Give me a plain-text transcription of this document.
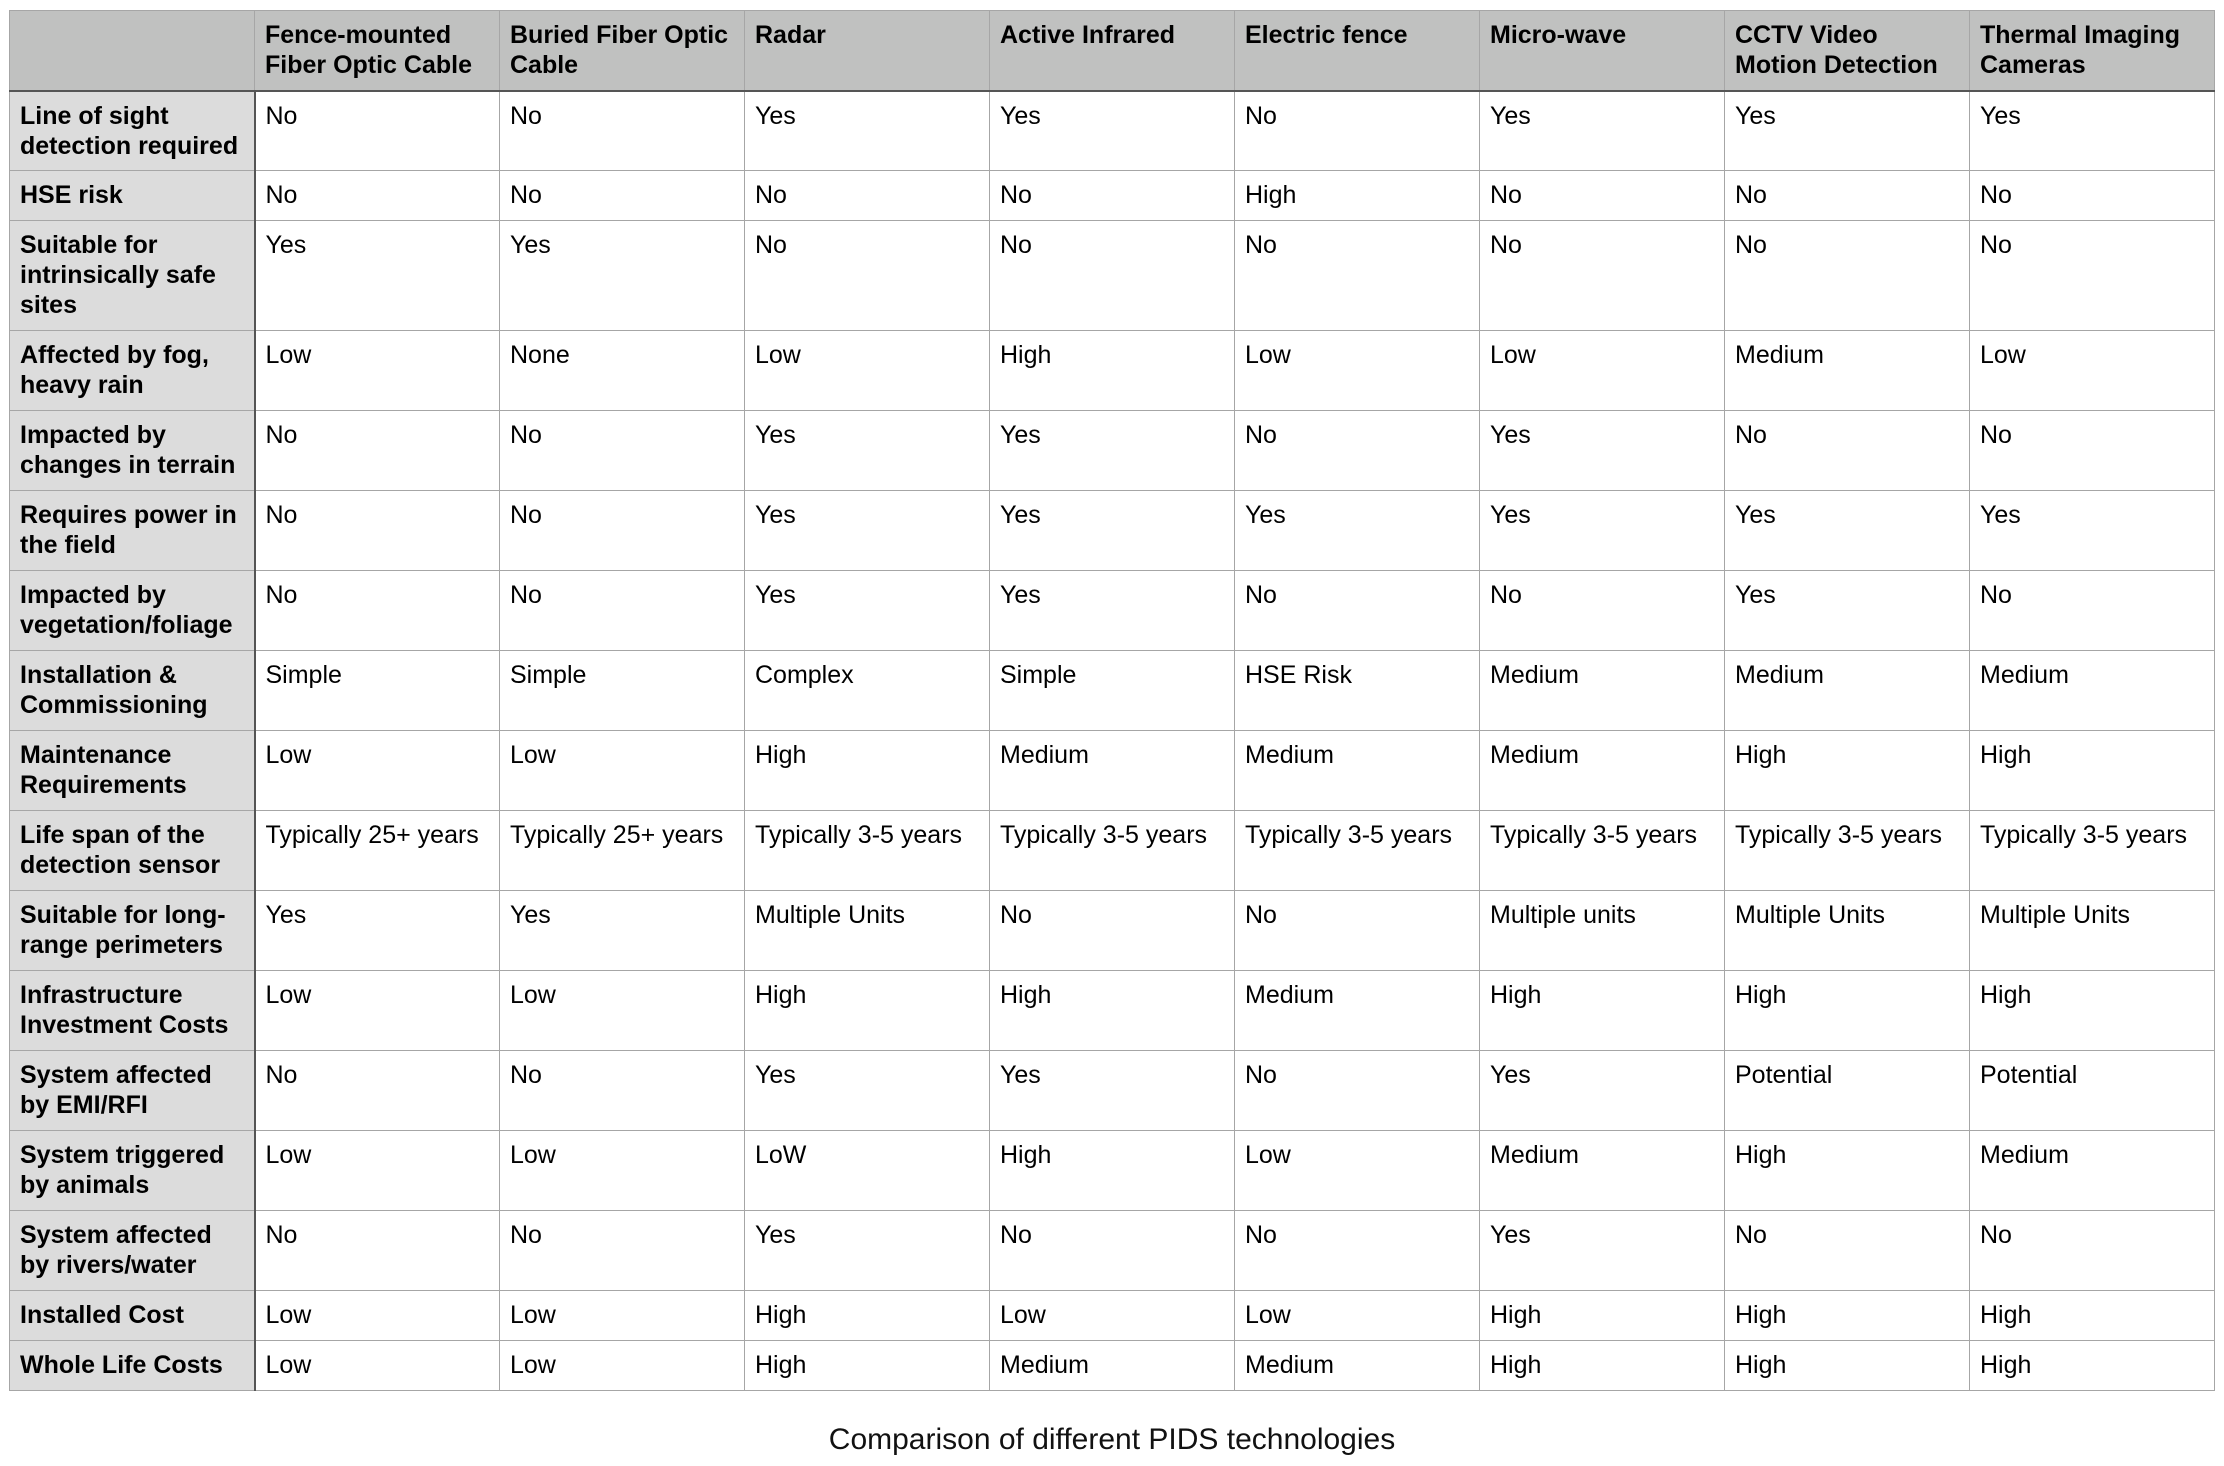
	Fence-mounted Fiber Optic Cable	Buried Fiber Optic Cable	Radar	Active Infrared	Electric fence	Micro-wave	CCTV Video Motion Detection	Thermal Imaging Cameras
Line of sight detection required	No	No	Yes	Yes	No	Yes	Yes	Yes
HSE risk	No	No	No	No	High	No	No	No
Suitable for intrinsically safe sites	Yes	Yes	No	No	No	No	No	No
Affected by fog, heavy rain	Low	None	Low	High	Low	Low	Medium	Low
Impacted by changes in terrain	No	No	Yes	Yes	No	Yes	No	No
Requires power in the field	No	No	Yes	Yes	Yes	Yes	Yes	Yes
Impacted by vegetation/foliage	No	No	Yes	Yes	No	No	Yes	No
Installation & Commissioning	Simple	Simple	Complex	Simple	HSE Risk	Medium	Medium	Medium
Maintenance Requirements	Low	Low	High	Medium	Medium	Medium	High	High
Life span of the detection sensor	Typically 25+ years	Typically 25+ years	Typically 3-5 years	Typically 3-5 years	Typically 3-5 years	Typically 3-5 years	Typically 3-5 years	Typically 3-5 years
Suitable for long-range perimeters	Yes	Yes	Multiple Units	No	No	Multiple units	Multiple Units	Multiple Units
Infrastructure Investment Costs	Low	Low	High	High	Medium	High	High	High
System affected by EMI/RFI	No	No	Yes	Yes	No	Yes	Potential	Potential
System triggered by animals	Low	Low	LoW	High	Low	Medium	High	Medium
System affected by rivers/water	No	No	Yes	No	No	Yes	No	No
Installed Cost	Low	Low	High	Low	Low	High	High	High
Whole Life Costs	Low	Low	High	Medium	Medium	High	High	High
Comparison of different PIDS technologies
